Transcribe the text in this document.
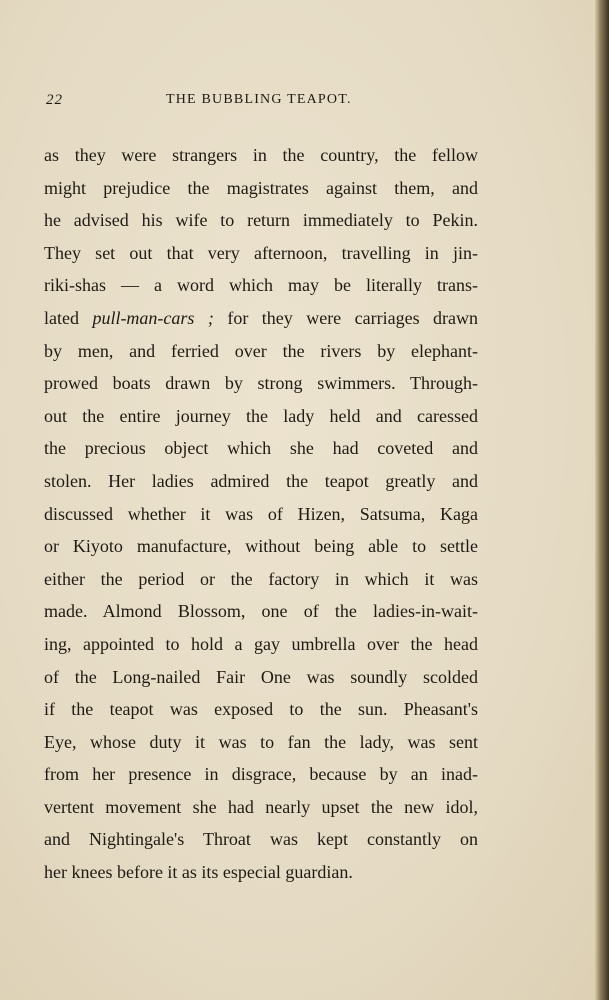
22	THE BUBBLING TEAPOT.
as they were strangers in the country, the fellow
might prejudice the magistrates against them, and
he advised his wife to return immediately to Pekin.
They set out that very afternoon, travelling in jin-
riki-shas — a word which may be literally trans-
lated pull-man-cars ; for they were carriages drawn
by men, and ferried over the rivers by elephant-
prowed boats drawn by strong swimmers. Through-
out the entire journey the lady held and caressed
the precious object which she had coveted and
stolen. Her ladies admired the teapot greatly and
discussed whether it was of Hizen, Satsuma, Kaga
or Kiyoto manufacture, without being able to settle
either the period or the factory in which it was
made. Almond Blossom, one of the ladies-in-wait-
ing, appointed to hold a gay umbrella over the head
of the Long-nailed Fair One was soundly scolded
if the teapot was exposed to the sun. Pheasant's
Eye, whose duty it was to fan the lady, was sent
from her presence in disgrace, because by an inad-
vertent movement she had nearly upset the new idol,
and Nightingale's Throat was kept constantly on
her knees before it as its especial guardian.
